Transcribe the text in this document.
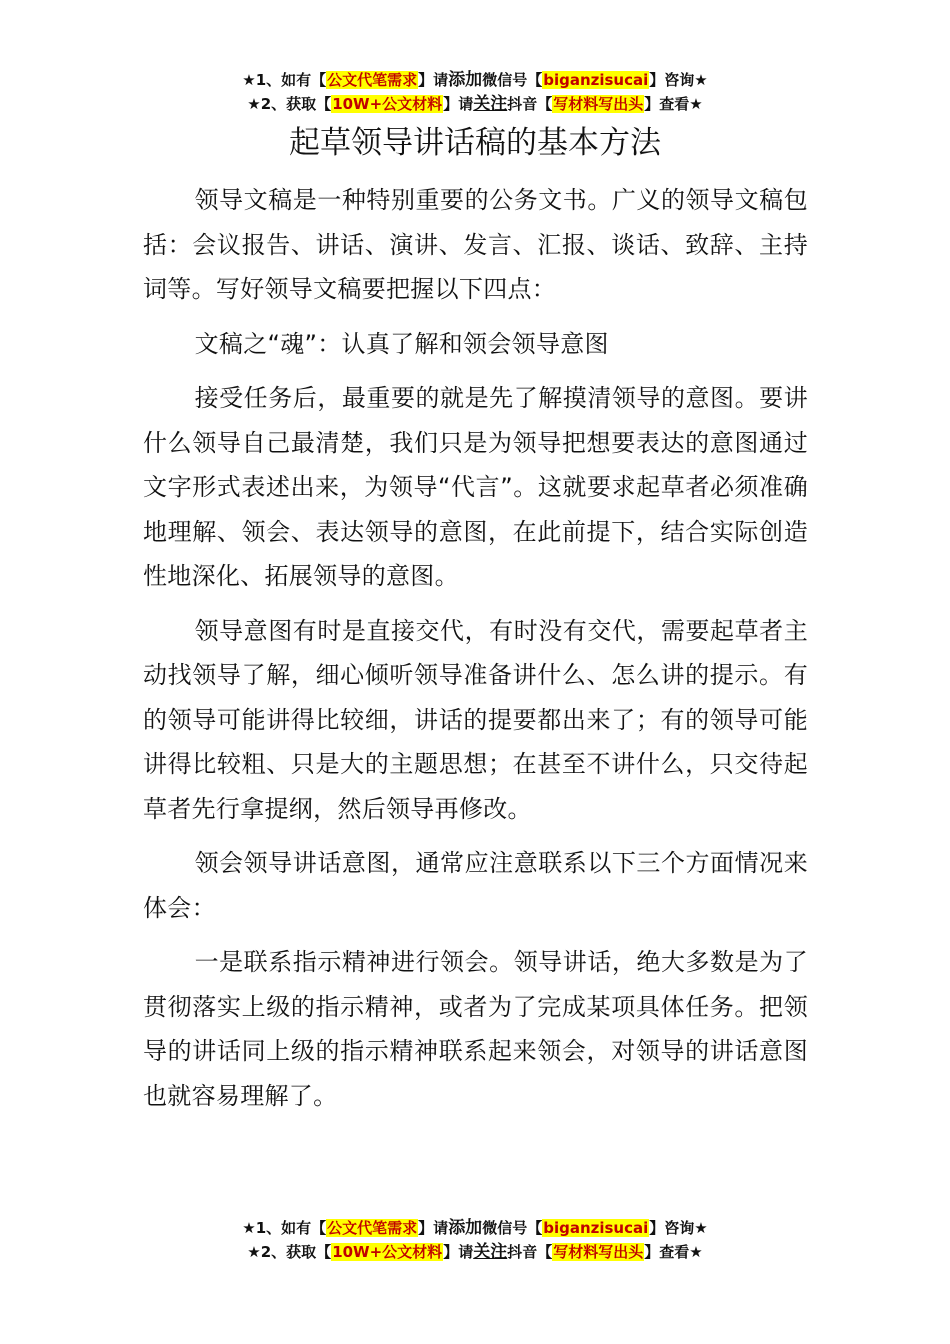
★1、如有【公文代笔需求】请添加微信号【biganzisucai】咨询★
★2、获取【10W+公文材料】请关注抖音【写材料写出头】查看★
起草领导讲话稿的基本方法

领导文稿是一种特别重要的公务文书。广义的领导文稿包括：会议报告、讲话、演讲、发言、汇报、谈话、致辞、主持词等。写好领导文稿要把握以下四点：

文稿之“魂”：认真了解和领会领导意图

接受任务后，最重要的就是先了解摸清领导的意图。要讲什么领导自己最清楚，我们只是为领导把想要表达的意图通过文字形式表述出来，为领导“代言”。这就要求起草者必须准确地理解、领会、表达领导的意图，在此前提下，结合实际创造性地深化、拓展领导的意图。

领导意图有时是直接交代，有时没有交代，需要起草者主动找领导了解，细心倾听领导准备讲什么、怎么讲的提示。有的领导可能讲得比较细，讲话的提要都出来了；有的领导可能讲得比较粗、只是大的主题思想；在甚至不讲什么，只交待起草者先行拿提纲，然后领导再修改。

领会领导讲话意图，通常应注意联系以下三个方面情况来体会：

一是联系指示精神进行领会。领导讲话，绝大多数是为了贯彻落实上级的指示精神，或者为了完成某项具体任务。把领导的讲话同上级的指示精神联系起来领会，对领导的讲话意图也就容易理解了。

★1、如有【公文代笔需求】请添加微信号【biganzisucai】咨询★
★2、获取【10W+公文材料】请关注抖音【写材料写出头】查看★
